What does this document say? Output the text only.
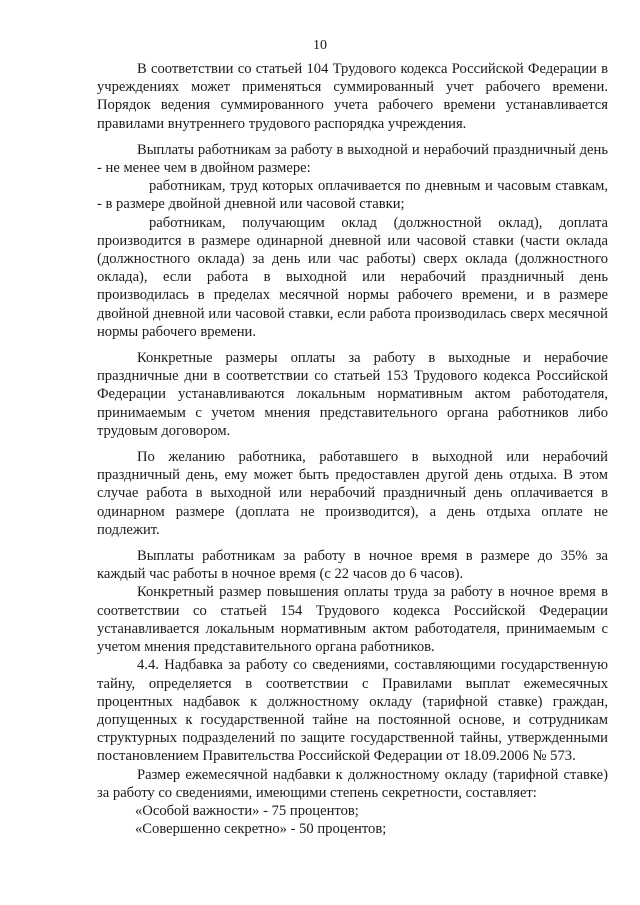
10

В соответствии со статьей 104 Трудового кодекса Российской Федерации в учреждениях может применяться суммированный учет рабочего времени. Порядок ведения суммированного учета рабочего времени устанавливается правилами внутреннего трудового распорядка учреждения.

Выплаты работникам за работу в выходной и нерабочий праздничный день - не менее чем в двойном размере:

работникам, труд которых оплачивается по дневным и часовым ставкам, - в размере двойной дневной или часовой ставки;

работникам, получающим оклад (должностной оклад), доплата производится в размере одинарной дневной или часовой ставки (части оклада (должностного оклада) за день или час работы) сверх оклада (должностного оклада), если работа в выходной или нерабочий праздничный день производилась в пределах месячной нормы рабочего времени, и в размере двойной дневной или часовой ставки, если работа производилась сверх месячной нормы рабочего времени.

Конкретные размеры оплаты за работу в выходные и нерабочие праздничные дни в соответствии со статьей 153 Трудового кодекса Российской Федерации устанавливаются локальным нормативным актом работодателя, принимаемым с учетом мнения представительного органа работников либо трудовым договором.

По желанию работника, работавшего в выходной или нерабочий праздничный день, ему может быть предоставлен другой день отдыха. В этом случае работа в выходной или нерабочий праздничный день оплачивается в одинарном размере (доплата не производится), а день отдыха оплате не подлежит.

Выплаты работникам за работу в ночное время в размере до 35% за каждый час работы в ночное время (с 22 часов до 6 часов).

Конкретный размер повышения оплаты труда за работу в ночное время в соответствии со статьей 154 Трудового кодекса Российской Федерации устанавливается локальным нормативным актом работодателя, принимаемым с учетом мнения представительного органа работников.

4.4. Надбавка за работу со сведениями, составляющими государственную тайну, определяется в соответствии с Правилами выплат ежемесячных процентных надбавок к должностному окладу (тарифной ставке) граждан, допущенных к государственной тайне на постоянной основе, и сотрудникам структурных подразделений по защите государственной тайны, утвержденными постановлением Правительства Российской Федерации от 18.09.2006 № 573.

Размер ежемесячной надбавки к должностному окладу (тарифной ставке) за работу со сведениями, имеющими степень секретности, составляет:

«Особой важности» - 75 процентов;

«Совершенно секретно» - 50 процентов;
